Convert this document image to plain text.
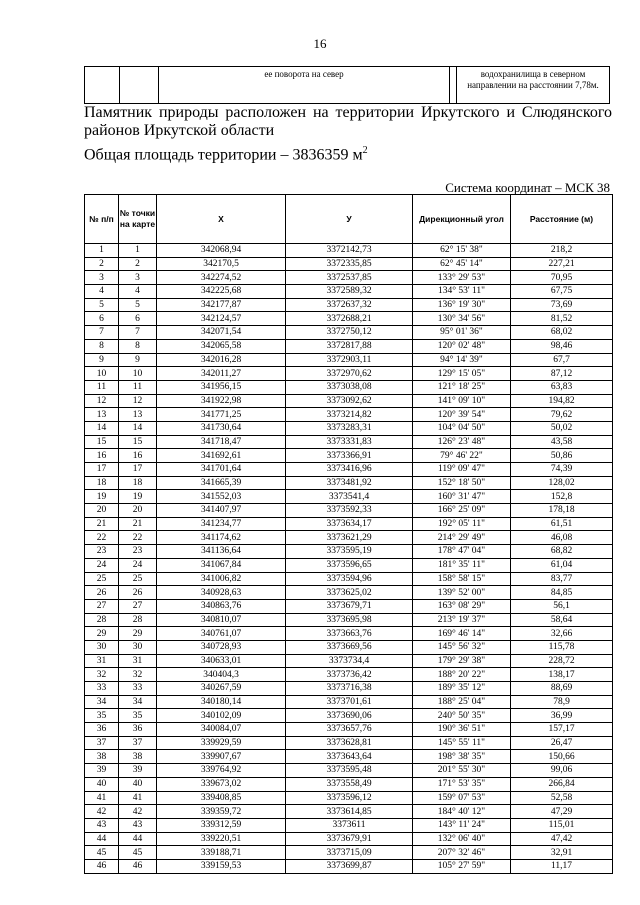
16
		ее поворота на север		водохранилища в северном направлении на расстоянии 7,78м.
Памятник природы расположен на территории Иркутского и Слюдянского районов Иркутской области
Общая площадь территории – 3836359 $м^2$
Система координат – МСК 38
№ п/п	№ точки на карте	X	У	Дирекционный угол	Расстояние (м)
1	1	342068,94	3372142,73	62° 15' 38"	218,2
2	2	342170,5	3372335,85	62° 45' 14"	227,21
3	3	342274,52	3372537,85	133° 29' 53"	70,95
4	4	342225,68	3372589,32	134° 53' 11"	67,75
5	5	342177,87	3372637,32	136° 19' 30"	73,69
6	6	342124,57	3372688,21	130° 34' 56"	81,52
7	7	342071,54	3372750,12	95° 01' 36"	68,02
8	8	342065,58	3372817,88	120° 02' 48"	98,46
9	9	342016,28	3372903,11	94° 14' 39"	67,7
10	10	342011,27	3372970,62	129° 15' 05"	87,12
11	11	341956,15	3373038,08	121° 18' 25"	63,83
12	12	341922,98	3373092,62	141° 09' 10"	194,82
13	13	341771,25	3373214,82	120° 39' 54"	79,62
14	14	341730,64	3373283,31	104° 04' 50"	50,02
15	15	341718,47	3373331,83	126° 23' 48"	43,58
16	16	341692,61	3373366,91	79° 46' 22"	50,86
17	17	341701,64	3373416,96	119° 09' 47"	74,39
18	18	341665,39	3373481,92	152° 18' 50"	128,02
19	19	341552,03	3373541,4	160° 31' 47"	152,8
20	20	341407,97	3373592,33	166° 25' 09"	178,18
21	21	341234,77	3373634,17	192° 05' 11"	61,51
22	22	341174,62	3373621,29	214° 29' 49"	46,08
23	23	341136,64	3373595,19	178° 47' 04"	68,82
24	24	341067,84	3373596,65	181° 35' 11"	61,04
25	25	341006,82	3373594,96	158° 58' 15"	83,77
26	26	340928,63	3373625,02	139° 52' 00"	84,85
27	27	340863,76	3373679,71	163° 08' 29"	56,1
28	28	340810,07	3373695,98	213° 19' 37"	58,64
29	29	340761,07	3373663,76	169° 46' 14"	32,66
30	30	340728,93	3373669,56	145° 56' 32"	115,78
31	31	340633,01	3373734,4	179° 29' 38"	228,72
32	32	340404,3	3373736,42	188° 20' 22"	138,17
33	33	340267,59	3373716,38	189° 35' 12"	88,69
34	34	340180,14	3373701,61	188° 25' 04"	78,9
35	35	340102,09	3373690,06	240° 50' 35"	36,99
36	36	340084,07	3373657,76	190° 36' 51"	157,17
37	37	339929,59	3373628,81	145° 55' 11"	26,47
38	38	339907,67	3373643,64	198° 38' 35"	150,66
39	39	339764,92	3373595,48	201° 55' 30"	99,06
40	40	339673,02	3373558,49	171° 53' 35"	266,84
41	41	339408,85	3373596,12	159° 07' 53"	52,58
42	42	339359,72	3373614,85	184° 40' 12"	47,29
43	43	339312,59	3373611	143° 11' 24"	115,01
44	44	339220,51	3373679,91	132° 06' 40"	47,42
45	45	339188,71	3373715,09	207° 32' 46"	32,91
46	46	339159,53	3373699,87	105° 27' 59"	11,17
